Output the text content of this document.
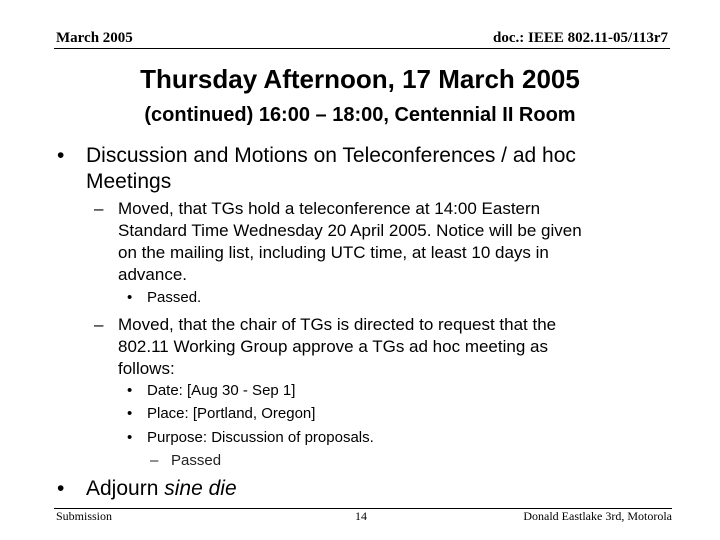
March 2005	doc.: IEEE 802.11-05/113r7
Thursday Afternoon, 17 March 2005
(continued) 16:00 – 18:00, Centennial II Room
• Discussion and Motions on Teleconferences / ad hoc
Meetings
– Moved, that TGs hold a teleconference at 14:00 Eastern
Standard Time Wednesday 20 April 2005. Notice will be given
on the mailing list, including UTC time, at least 10 days in
advance.
• Passed.
– Moved, that the chair of TGs is directed to request that the
802.11 Working Group approve a TGs ad hoc meeting as
follows:
• Date: [Aug 30 - Sep 1]
• Place: [Portland, Oregon]
• Purpose: Discussion of proposals.
– Passed
• Adjourn sine die
Submission	14	Donald Eastlake 3rd, Motorola
